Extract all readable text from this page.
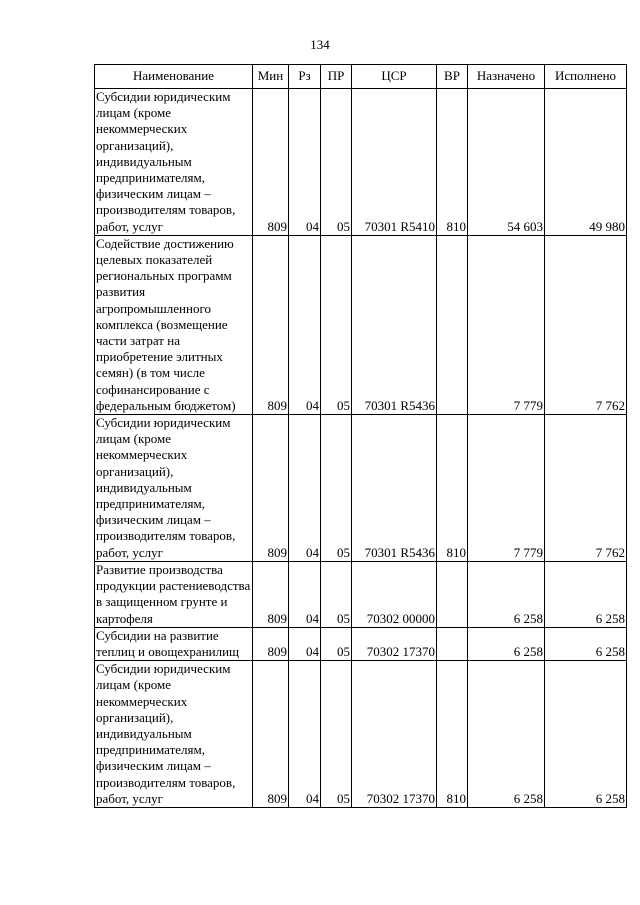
134
Наименование	Мин	Рз	ПР	ЦСР	ВР	Назначено	Исполнено
Субсидии юридическим лицам (кроме некоммерческих организаций), индивидуальным предпринимателям, физическим лицам – производителям товаров, работ, услуг	809	04	05	70301 R5410	810	54 603	49 980
Содействие достижению целевых показателей региональных программ развития агропромышленного комплекса (возмещение части затрат на приобретение элитных семян) (в том числе софинансирование с федеральным бюджетом)	809	04	05	70301 R5436		7 779	7 762
Субсидии юридическим лицам (кроме некоммерческих организаций), индивидуальным предпринимателям, физическим лицам – производителям товаров, работ, услуг	809	04	05	70301 R5436	810	7 779	7 762
Развитие производства продукции растениеводства в защищенном грунте и картофеля	809	04	05	70302 00000		6 258	6 258
Субсидии на развитие теплиц и овощехранилищ	809	04	05	70302 17370		6 258	6 258
Субсидии юридическим лицам (кроме некоммерческих организаций), индивидуальным предпринимателям, физическим лицам – производителям товаров, работ, услуг	809	04	05	70302 17370	810	6 258	6 258
